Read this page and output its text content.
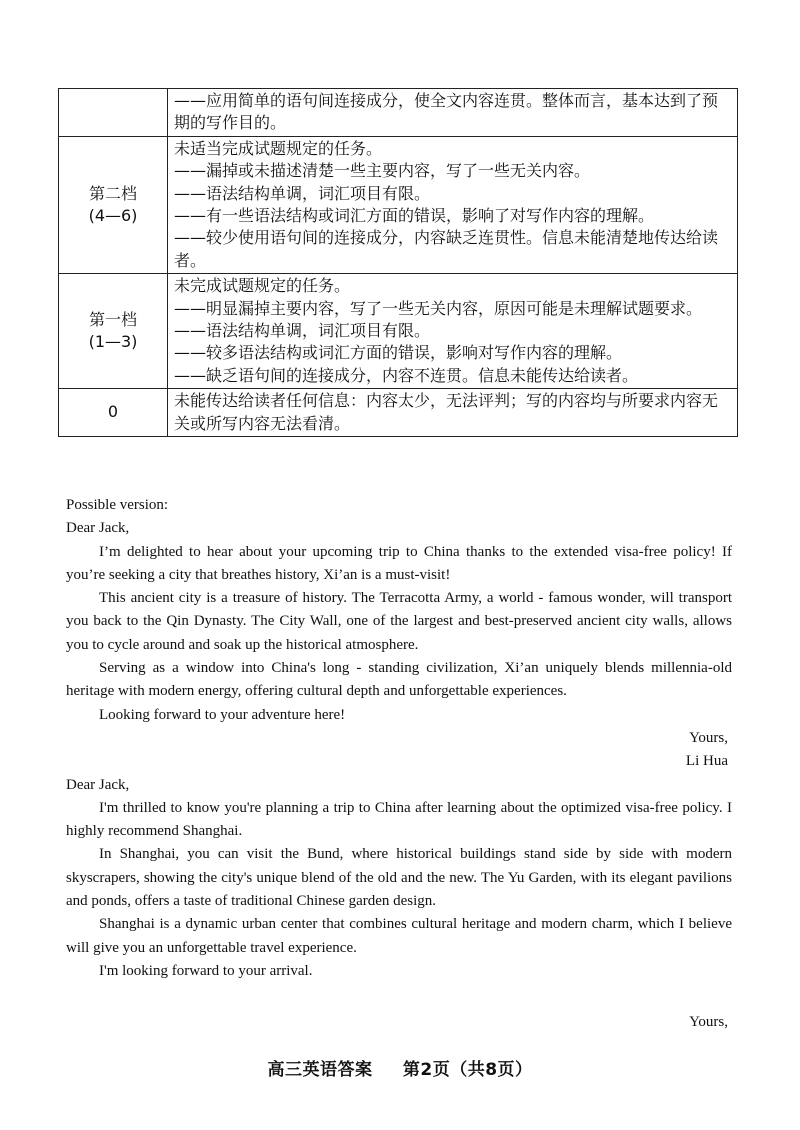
	——应用简单的语句间连接成分，使全文内容连贯。整体而言，基本达到了预期的写作目的。

第二档
(4—6)	未适当完成试题规定的任务。
——漏掉或未描述清楚一些主要内容，写了一些无关内容。
——语法结构单调，词汇项目有限。
——有一些语法结构或词汇方面的错误，影响了对写作内容的理解。
——较少使用语句间的连接成分，内容缺乏连贯性。信息未能清楚地传达给读者。

第一档
(1—3)	未完成试题规定的任务。
——明显漏掉主要内容，写了一些无关内容，原因可能是未理解试题要求。
——语法结构单调，词汇项目有限。
——较多语法结构或词汇方面的错误，影响对写作内容的理解。
——缺乏语句间的连接成分，内容不连贯。信息未能传达给读者。

0	未能传达给读者任何信息：内容太少，无法评判；写的内容均与所要求内容无关或所写内容无法看清。

Possible version:

Dear Jack,

I’m delighted to hear about your upcoming trip to China thanks to the extended visa-free policy! If you’re seeking a city that breathes history, Xi’an is a must-visit!

This ancient city is a treasure of history. The Terracotta Army, a world - famous wonder, will transport you back to the Qin Dynasty. The City Wall, one of the largest and best-preserved ancient city walls, allows you to cycle around and soak up the historical atmosphere.

Serving as a window into China's long - standing civilization, Xi’an uniquely blends millennia-old heritage with modern energy, offering cultural depth and unforgettable experiences.

Looking forward to your adventure here!

Yours,

Li Hua

Dear Jack,

I'm thrilled to know you're planning a trip to China after learning about the optimized visa-free policy. I highly recommend Shanghai.

In Shanghai, you can visit the Bund, where historical buildings stand side by side with modern skyscrapers, showing the city's unique blend of the old and the new. The Yu Garden, with its elegant pavilions and ponds, offers a taste of traditional Chinese garden design.

Shanghai is a dynamic urban center that combines cultural heritage and modern charm, which I believe will give you an unforgettable travel experience.

I'm looking forward to your arrival.

Yours,

高三英语答案 第2页（共8页）
